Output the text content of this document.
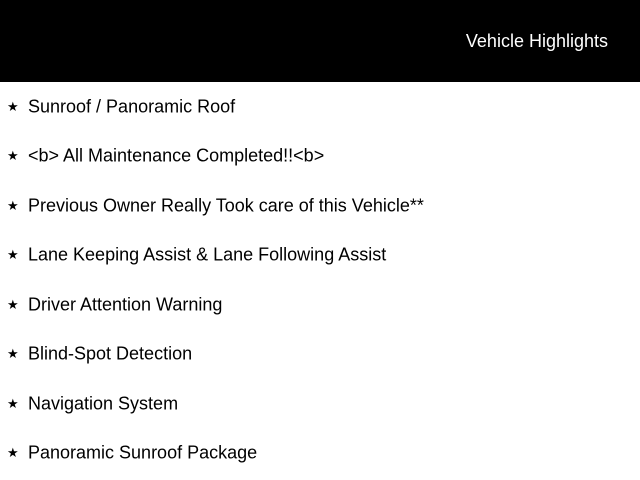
Vehicle Highlights
★ Sunroof / Panoramic Roof
★ <b> All Maintenance Completed!!<b>
★ Previous Owner Really Took care of this Vehicle**
★ Lane Keeping Assist & Lane Following Assist
★ Driver Attention Warning
★ Blind-Spot Detection
★ Navigation System
★ Panoramic Sunroof Package
